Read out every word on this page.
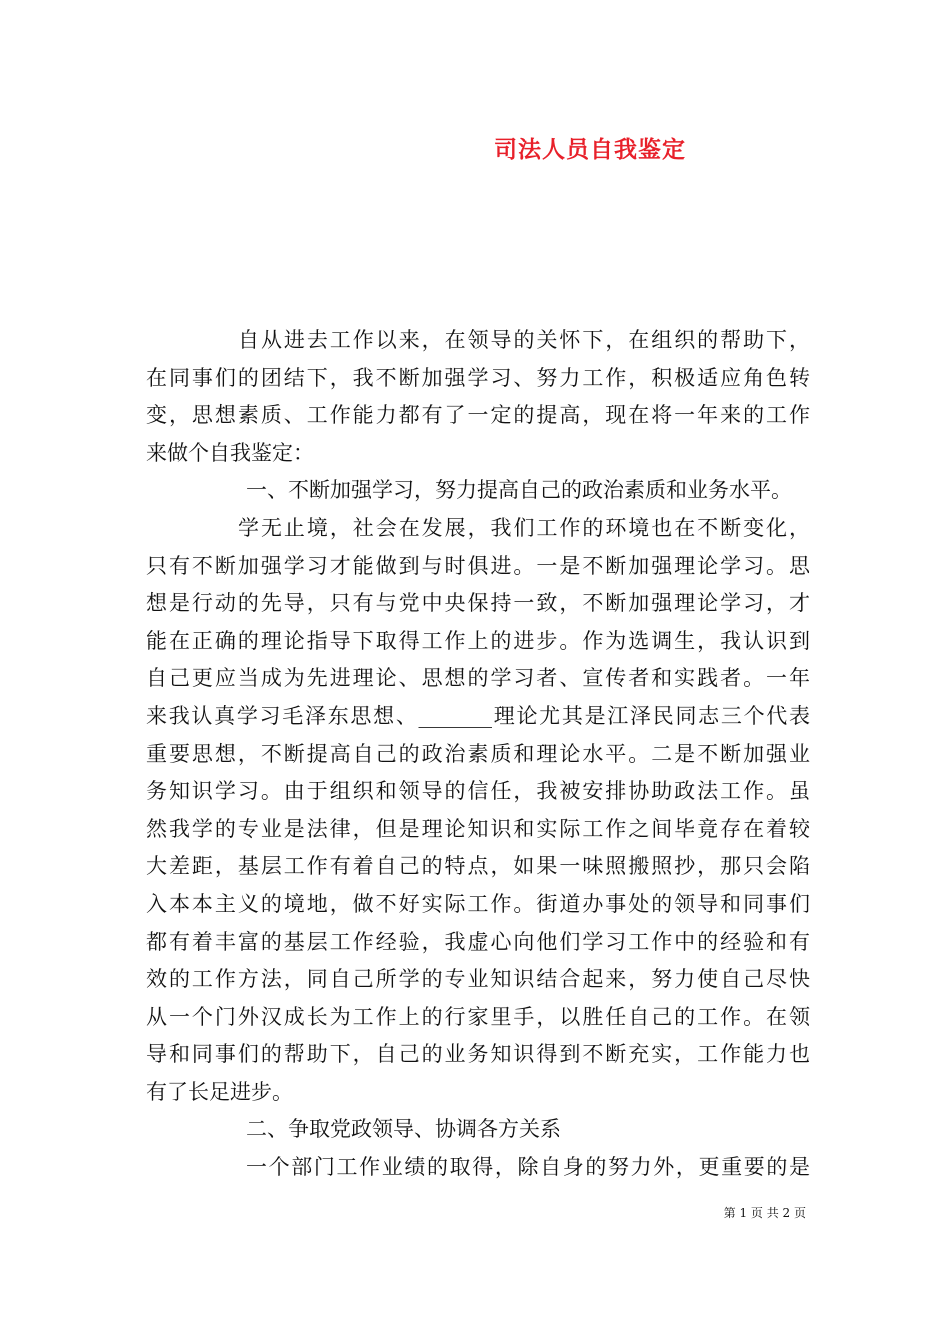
司法人员自我鉴定
自从进去工作以来，在领导的关怀下，在组织的帮助下，
在同事们的团结下，我不断加强学习、努力工作，积极适应角色转
变，思想素质、工作能力都有了一定的提高，现在将一年来的工作
来做个自我鉴定：
一、不断加强学习，努力提高自己的政治素质和业务水平。
学无止境，社会在发展，我们工作的环境也在不断变化，
只有不断加强学习才能做到与时俱进。一是不断加强理论学习。思
想是行动的先导，只有与党中央保持一致，不断加强理论学习，才
能在正确的理论指导下取得工作上的进步。作为选调生，我认识到
自己更应当成为先进理论、思想的学习者、宣传者和实践者。一年
来我认真学习毛泽东思想、_______理论尤其是江泽民同志三个代表
重要思想，不断提高自己的政治素质和理论水平。二是不断加强业
务知识学习。由于组织和领导的信任，我被安排协助政法工作。虽
然我学的专业是法律，但是理论知识和实际工作之间毕竟存在着较
大差距，基层工作有着自己的特点，如果一味照搬照抄，那只会陷
入本本主义的境地，做不好实际工作。街道办事处的领导和同事们
都有着丰富的基层工作经验，我虚心向他们学习工作中的经验和有
效的工作方法，同自己所学的专业知识结合起来，努力使自己尽快
从一个门外汉成长为工作上的行家里手，以胜任自己的工作。在领
导和同事们的帮助下，自己的业务知识得到不断充实，工作能力也
有了长足进步。
二、争取党政领导、协调各方关系
一个部门工作业绩的取得，除自身的努力外，更重要的是
第 1 页 共 2 页
